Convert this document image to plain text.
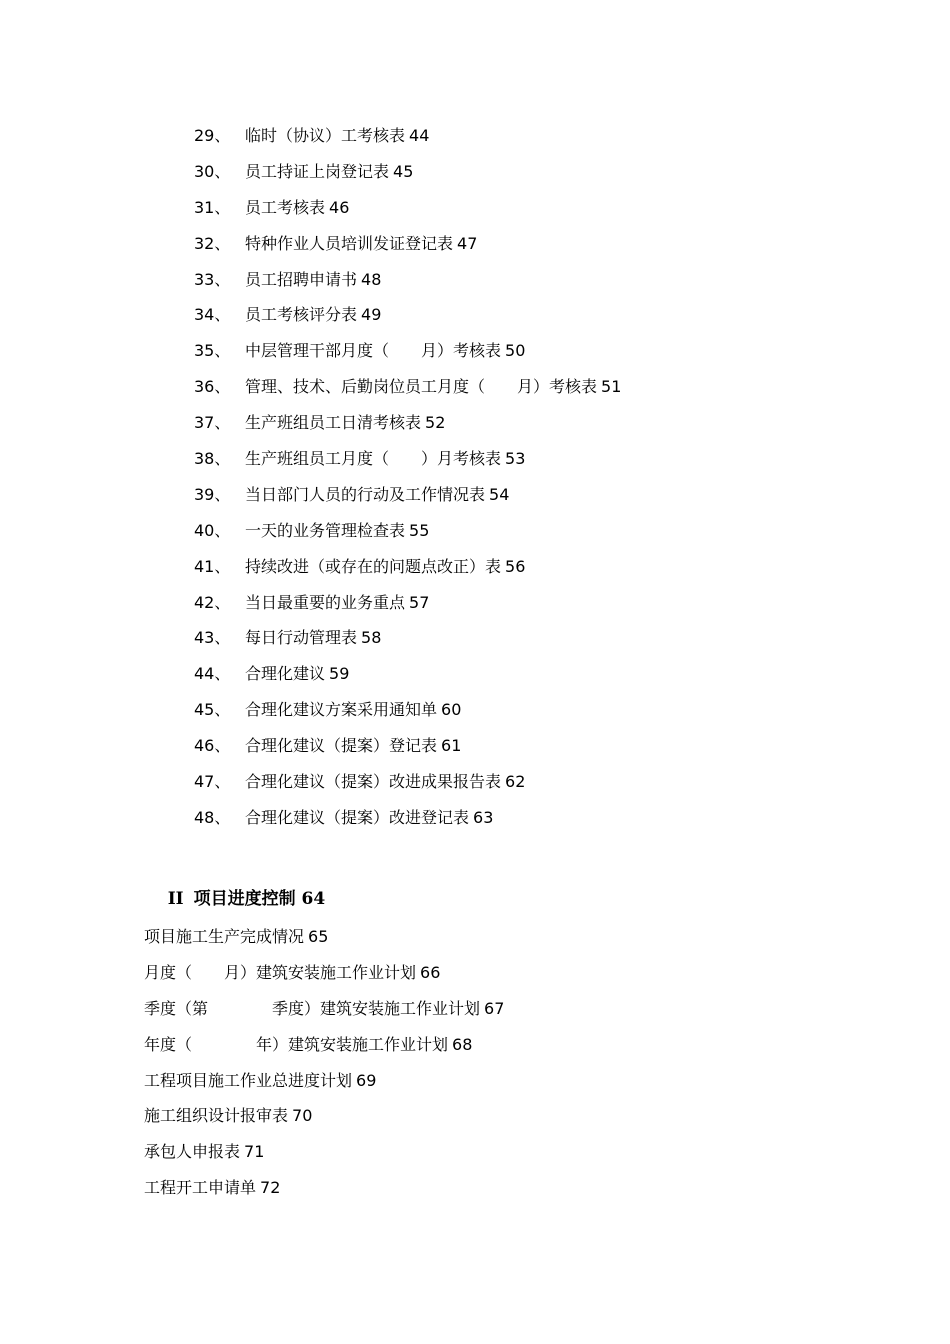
29、 临时（协议）工考核表 44
30、 员工持证上岗登记表 45
31、 员工考核表 46
32、 特种作业人员培训发证登记表 47
33、 员工招聘申请书 48
34、 员工考核评分表 49
35、 中层管理干部月度（　　月）考核表 50
36、 管理、技术、后勤岗位员工月度（　　月）考核表 51
37、 生产班组员工日清考核表 52
38、 生产班组员工月度（　　）月考核表 53
39、 当日部门人员的行动及工作情况表 54
40、 一天的业务管理检查表 55
41、 持续改进（或存在的问题点改正）表 56
42、 当日最重要的业务重点 57
43、 每日行动管理表 58
44、 合理化建议 59
45、 合理化建议方案采用通知单 60
46、 合理化建议（提案）登记表 61
47、 合理化建议（提案）改进成果报告表 62
48、 合理化建议（提案）改进登记表 63

II 项目进度控制 64

项目施工生产完成情况 65
月度（　　月）建筑安装施工作业计划 66
季度（第　　　　季度）建筑安装施工作业计划 67
年度（　　　　年）建筑安装施工作业计划 68
工程项目施工作业总进度计划 69
施工组织设计报审表 70
承包人申报表 71
工程开工申请单 72
